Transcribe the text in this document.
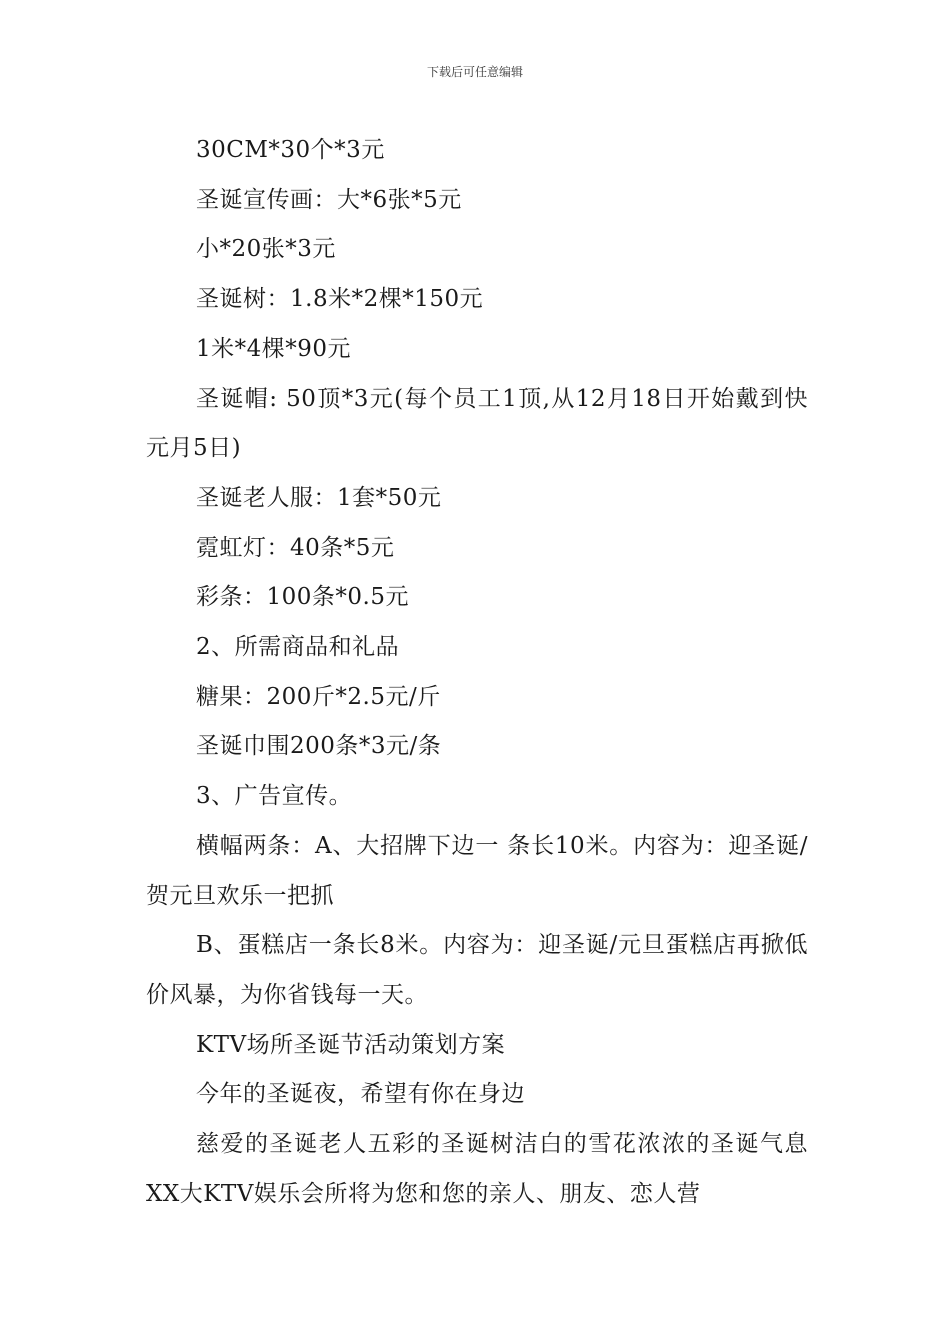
下载后可任意编辑

30CM*30个*3元

圣诞宣传画：大*6张*5元

小*20张*3元

圣诞树：1.8米*2棵*150元

1米*4棵*90元

圣诞帽: 50顶*3元(每个员工1顶,从12月18日开始戴到快元月5日)

圣诞老人服：1套*50元

霓虹灯：40条*5元

彩条：100条*0.5元

2、所需商品和礼品

糖果：200斤*2.5元/斤

圣诞巾围200条*3元/条

3、广告宣传。

横幅两条：A、大招牌下边一 条长10米。内容为：迎圣诞/贺元旦欢乐一把抓

B、蛋糕店一条长8米。内容为：迎圣诞/元旦蛋糕店再掀低价风暴，为你省钱每一天。

KTV场所圣诞节活动策划方案

今年的圣诞夜，希望有你在身边

慈爱的圣诞老人五彩的圣诞树洁白的雪花浓浓的圣诞气息XX大KTV娱乐会所将为您和您的亲人、朋友、恋人营
